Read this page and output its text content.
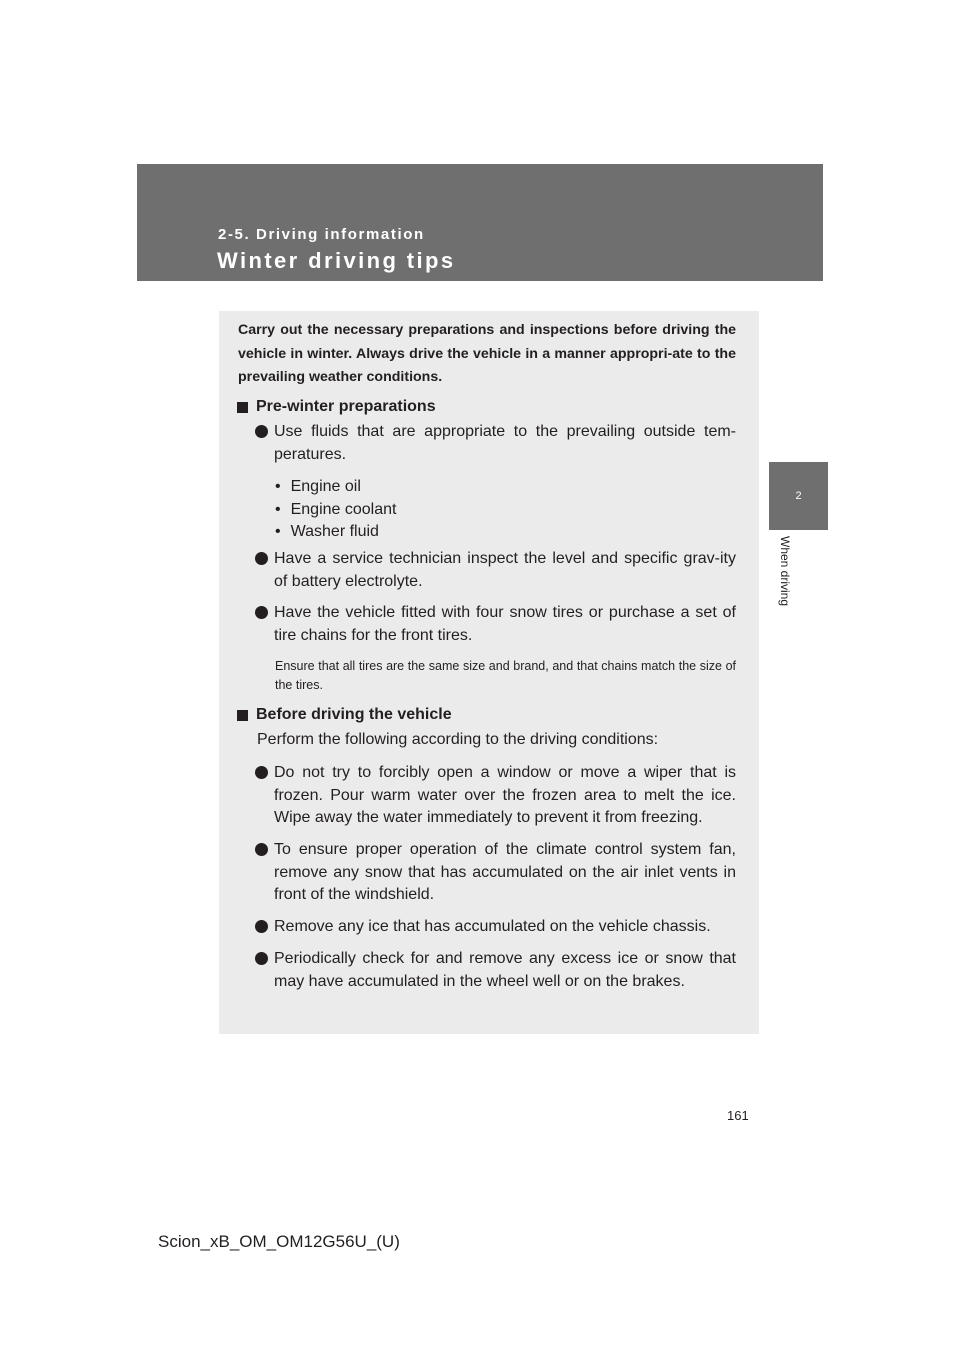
2-5. Driving information

Winter driving tips
2
When driving

Carry out the necessary preparations and inspections before driving the vehicle in winter. Always drive the vehicle in a manner appropri-ate to the prevailing weather conditions.

Pre-winter preparations
Use fluids that are appropriate to the prevailing outside tem-peratures.

• Engine oil

• Engine coolant

• Washer fluid

Have a service technician inspect the level and specific grav-ity of battery electrolyte.
Have the vehicle fitted with four snow tires or purchase a set of tire chains for the front tires.

Ensure that all tires are the same size and brand, and that chains match the size of the tires.

Before driving the vehicle

Perform the following according to the driving conditions:

Do not try to forcibly open a window or move a wiper that is frozen. Pour warm water over the frozen area to melt the ice. Wipe away the water immediately to prevent it from freezing.
To ensure proper operation of the climate control system fan, remove any snow that has accumulated on the air inlet vents in front of the windshield.
Remove any ice that has accumulated on the vehicle chassis.
Periodically check for and remove any excess ice or snow that may have accumulated in the wheel well or on the brakes.
161
Scion_xB_OM_OM12G56U_(U)
